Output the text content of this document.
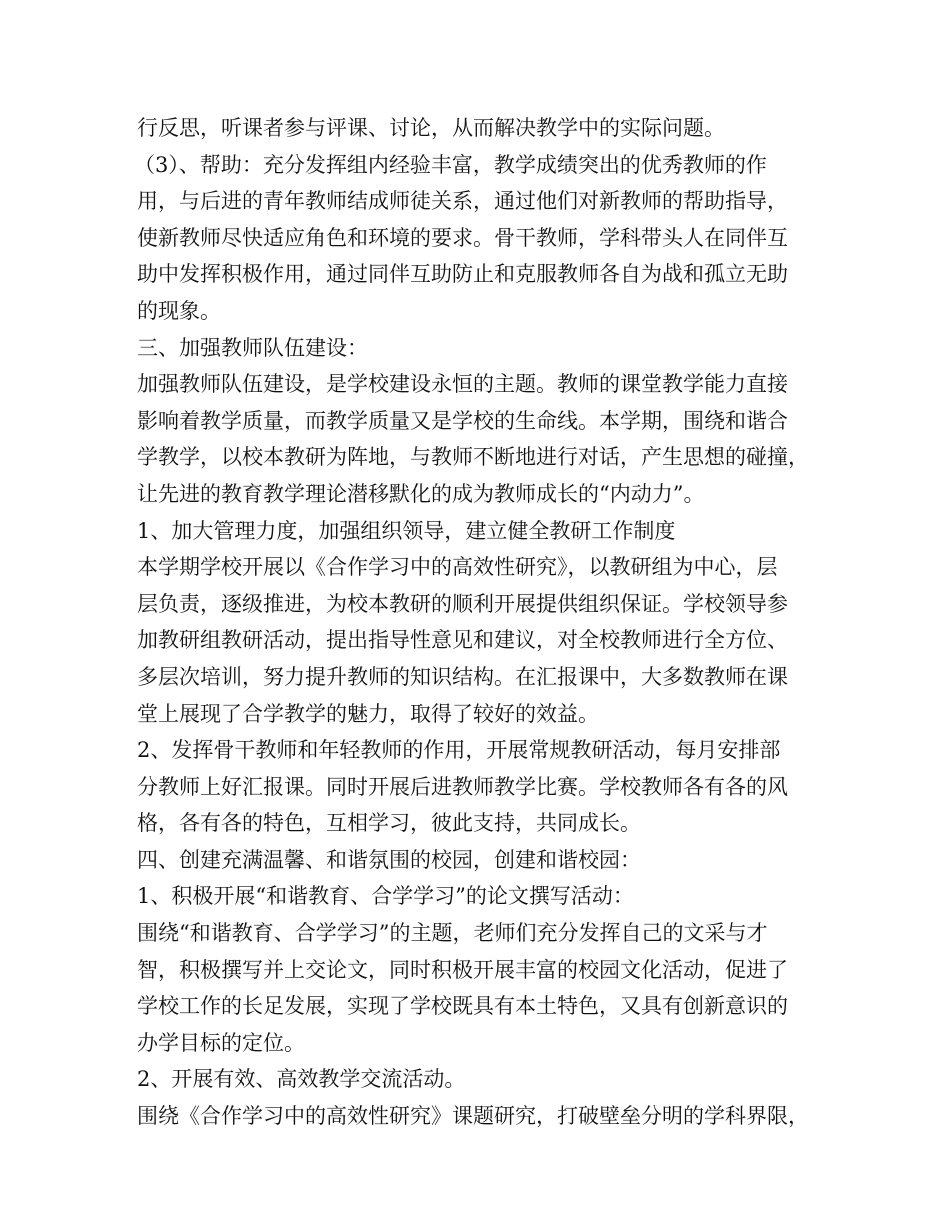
行反思，听课者参与评课、讨论，从而解决教学中的实际问题。
（3）、帮助：充分发挥组内经验丰富，教学成绩突出的优秀教师的作
用，与后进的青年教师结成师徒关系，通过他们对新教师的帮助指导，
使新教师尽快适应角色和环境的要求。骨干教师，学科带头人在同伴互
助中发挥积极作用，通过同伴互助防止和克服教师各自为战和孤立无助
的现象。
三、加强教师队伍建设：
加强教师队伍建设，是学校建设永恒的主题。教师的课堂教学能力直接
影响着教学质量，而教学质量又是学校的生命线。本学期，围绕和谐合
学教学，以校本教研为阵地，与教师不断地进行对话，产生思想的碰撞，
让先进的教育教学理论潜移默化的成为教师成长的“内动力”。
1、加大管理力度，加强组织领导，建立健全教研工作制度
本学期学校开展以《合作学习中的高效性研究》，以教研组为中心，层
层负责，逐级推进，为校本教研的顺利开展提供组织保证。学校领导参
加教研组教研活动，提出指导性意见和建议，对全校教师进行全方位、
多层次培训，努力提升教师的知识结构。在汇报课中，大多数教师在课
堂上展现了合学教学的魅力，取得了较好的效益。
2、发挥骨干教师和年轻教师的作用，开展常规教研活动，每月安排部
分教师上好汇报课。同时开展后进教师教学比赛。学校教师各有各的风
格，各有各的特色，互相学习，彼此支持，共同成长。
四、创建充满温馨、和谐氛围的校园，创建和谐校园：
1、积极开展“和谐教育、合学学习”的论文撰写活动：
围绕“和谐教育、合学学习”的主题，老师们充分发挥自己的文采与才
智，积极撰写并上交论文，同时积极开展丰富的校园文化活动，促进了
学校工作的长足发展，实现了学校既具有本土特色，又具有创新意识的
办学目标的定位。
2、开展有效、高效教学交流活动。
围绕《合作学习中的高效性研究》课题研究，打破壁垒分明的学科界限，
